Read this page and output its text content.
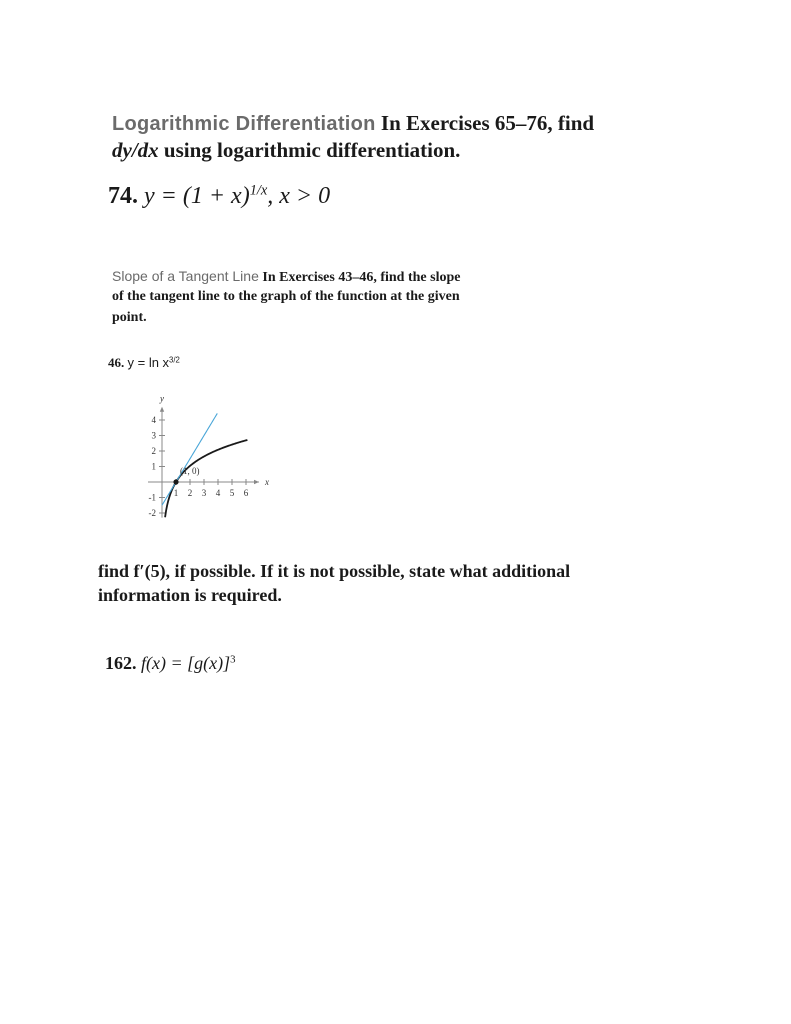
Logarithmic Differentiation In Exercises 65–76, find
dy/dx using logarithmic differentiation.
74. $y = (1 + x)^{1/x}$, x > 0
Slope of a Tangent Line In Exercises 43–46, find the slope
of the tangent line to the graph of the function at the given
point.
46. $y = \ln x^{3/2}$
x
y
1 2 3 4 5 6
-2
-1
1
2
3
4
(1, 0)
find f′(5), if possible. If it is not possible, state what additional
information is required.
162. $f(x) = [g(x)]^3$
